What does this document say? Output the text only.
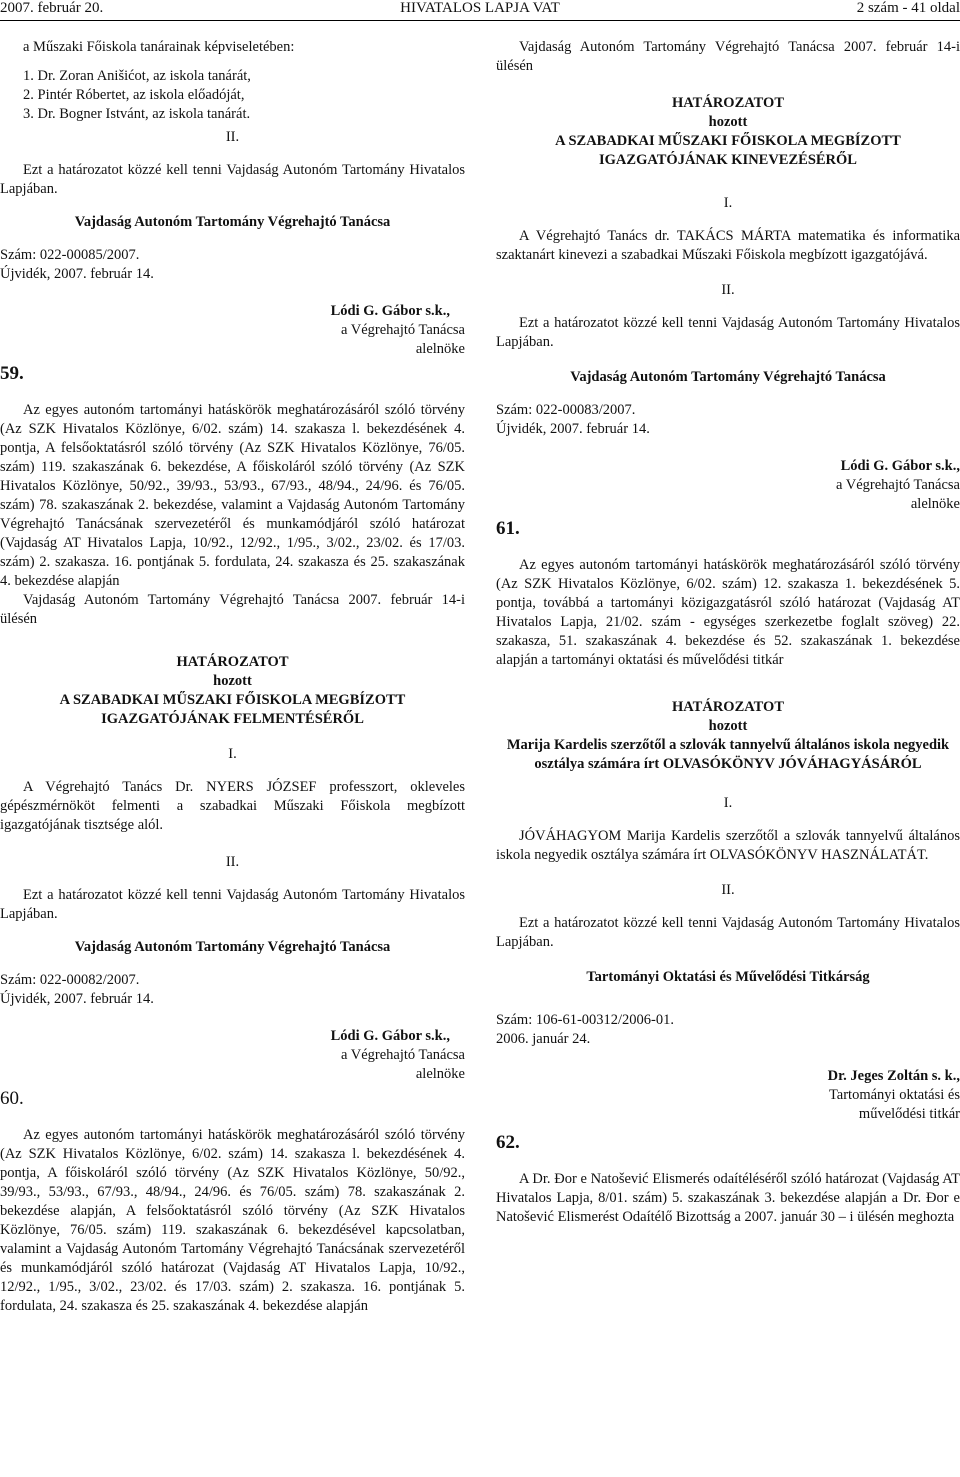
2007. február 20.	HIVATALOS LAPJA VAT	2 szám - 41 oldal

a Műszaki Főiskola tanárainak képviseletében:

1. Dr. Zoran Anišićot, az iskola tanárát,

2. Pintér Róbertet, az iskola előadóját,

3. Dr. Bogner Istvánt, az iskola tanárát.

II.

Ezt a határozatot közzé kell tenni Vajdaság Autonóm Tartomány Hivatalos Lapjában.

Vajdaság Autonóm Tartomány Végrehajtó Tanácsa

Szám: 022-00085/2007.

Újvidék, 2007. február 14.

Lódi G. Gábor s.k.,

a Végrehajtó Tanácsa

alelnöke

59.

Az egyes autonóm tartományi hatáskörök meghatározásáról szóló törvény (Az SZK Hivatalos Közlönye, 6/02. szám) 14. szakasza l. bekezdésének 4. pontja, A felsőoktatásról szóló törvény (Az SZK Hivatalos Közlönye, 76/05. szám) 119. szakaszának 6. bekezdése, A főiskoláról szóló törvény (Az SZK Hivatalos Közlönye, 50/92., 39/93., 53/93., 67/93., 48/94., 24/96. és 76/05. szám) 78. szakaszának 2. bekezdése, valamint a Vajdaság Autonóm Tartomány Végrehajtó Tanácsának szervezetéről és munkamódjáról szóló határozat (Vajdaság AT Hivatalos Lapja, 10/92., 12/92., 1/95., 3/02., 23/02. és 17/03. szám) 2. szakasza. 16. pontjának 5. fordulata, 24. szakasza és 25. szakaszának 4. bekezdése alapján

Vajdaság Autonóm Tartomány Végrehajtó Tanácsa 2007. február 14-i ülésén

HATÁROZATOT

hozott

A SZABADKAI MŰSZAKI FŐISKOLA MEGBÍZOTT IGAZGATÓJÁNAK FELMENTÉSÉRŐL

I.

A Végrehajtó Tanács Dr. NYERS JÓZSEF professzort, okleveles gépészmérnököt felmenti a szabadkai Műszaki Főiskola megbízott igazgatójának tisztsége alól.

II.

Ezt a határozatot közzé kell tenni Vajdaság Autonóm Tartomány Hivatalos Lapjában.

Vajdaság Autonóm Tartomány Végrehajtó Tanácsa

Szám: 022-00082/2007.

Újvidék, 2007. február 14.

Lódi G. Gábor s.k.,

a Végrehajtó Tanácsa

alelnöke

60.

Az egyes autonóm tartományi hatáskörök meghatározásáról szóló törvény (Az SZK Hivatalos Közlönye, 6/02. szám) 14. szakasza l. bekezdésének 4. pontja, A főiskoláról szóló törvény (Az SZK Hivatalos Közlönye, 50/92., 39/93., 53/93., 67/93., 48/94., 24/96. és 76/05. szám) 78. szakaszának 2. bekezdése alapján, A felsőoktatásról szóló törvény (Az SZK Hivatalos Közlönye, 76/05. szám) 119. szakaszának 6. bekezdésével kapcsolatban, valamint a Vajdaság Autonóm Tartomány Végrehajtó Tanácsának szervezetéről és munkamódjáról szóló határozat (Vajdaság AT Hivatalos Lapja, 10/92., 12/92., 1/95., 3/02., 23/02. és 17/03. szám) 2. szakasza. 16. pontjának 5. fordulata, 24. szakasza és 25. szakaszának 4. bekezdése alapján

Vajdaság Autonóm Tartomány Végrehajtó Tanácsa 2007. február 14-i ülésén

HATÁROZATOT

hozott

A SZABADKAI MŰSZAKI FŐISKOLA MEGBÍZOTT IGAZGATÓJÁNAK KINEVEZÉSÉRŐL

I.

A Végrehajtó Tanács dr. TAKÁCS MÁRTA matematika és informatika szaktanárt kinevezi a szabadkai Műszaki Főiskola megbízott igazgatójává.

II.

Ezt a határozatot közzé kell tenni Vajdaság Autonóm Tartomány Hivatalos Lapjában.

Vajdaság Autonóm Tartomány Végrehajtó Tanácsa

Szám: 022-00083/2007.

Újvidék, 2007. február 14.

Lódi G. Gábor s.k.,

a Végrehajtó Tanácsa

alelnöke

61.

Az egyes autonóm tartományi hatáskörök meghatározásáról szóló törvény (Az SZK Hivatalos Közlönye, 6/02. szám) 12. szakasza 1. bekezdésének 5. pontja, továbbá a tartományi közigazgatásról szóló határozat (Vajdaság AT Hivatalos Lapja, 21/02. szám - egységes szerkezetbe foglalt szöveg) 22. szakasza, 51. szakaszának 4. bekezdése és 52. szakaszának 1. bekezdése alapján a tartományi oktatási és művelődési titkár

HATÁROZATOT

hozott

Marija Kardelis szerzőtől a szlovák tannyelvű általános iskola negyedik osztálya számára írt OLVASÓKÖNYV JÓVÁHAGYÁSÁRÓL

I.

JÓVÁHAGYOM Marija Kardelis szerzőtől a szlovák tannyelvű általános iskola negyedik osztálya számára írt OLVASÓKÖNYV HASZNÁLATÁT.

II.

Ezt a határozatot közzé kell tenni Vajdaság Autonóm Tartomány Hivatalos Lapjában.

Tartományi Oktatási és Művelődési Titkárság

Szám: 106-61-00312/2006-01.

2006. január 24.

Dr. Jeges Zoltán s. k.,

Tartományi oktatási és

művelődési titkár

62.

A Dr. Đor e Natošević Elismerés odaítéléséről szóló határozat (Vajdaság AT Hivatalos Lapja, 8/01. szám) 5. szakaszának 3. bekezdése alapján a Dr. Đor e Natošević Elismerést Odaítélő Bizottság a 2007. január 30 – i ülésén meghozta
